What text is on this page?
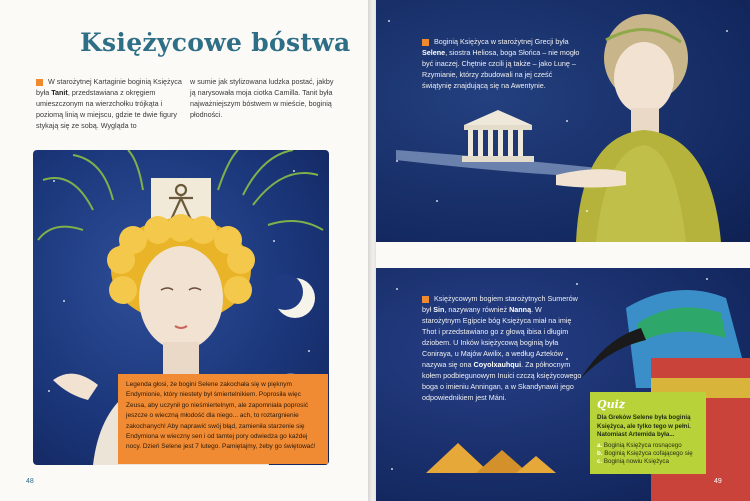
Księżycowe bóstwa

W starożytnej Kartaginie boginią Księżyca była Tanit, przedstawiana z okręgiem umieszczonym na wierzchołku trójkąta i poziomą linią w miejscu, gdzie te dwie figury stykają się ze sobą. Wygląda to

w sumie jak stylizowana ludzka postać, jakby ją narysowała moja ciotka Camilla. Tanit była najważniejszym bóstwem w mieście, boginią płodności.

Legenda głosi, że bogini Selene zakochała się w pięknym Endymionie, który niestety był śmiertelnikiem. Poprosiła więc Zeusa, aby uczynił go nieśmiertelnym, ale zapomniała poprosić jeszcze o wieczną młodość dla niego... ach, to roztargnienie zakochanych! Aby naprawić swój błąd, zamieniła starzenie się Endymiona w wieczny sen i od tamtej pory odwiedza go każdej nocy. Dzień Selene jest 7 lutego. Pamiętajmy, żeby go świętować!
48

Boginią Księżyca w starożytnej Grecji była Selene, siostra Heliosa, boga Słońca – nie mogło być inaczej. Chętnie czcili ją także – jako Lunę – Rzymianie, którzy zbudowali na jej cześć świątynię znajdującą się na Awentynie.

Księżycowym bogiem starożytnych Sumerów był Sin, nazywany również Nanną. W starożytnym Egipcie bóg Księżyca miał na imię Thot i przedstawiano go z głową ibisa i długim dziobem. U Inków księżycową boginią była Coniraya, u Majów Awilix, a według Azteków nazywa się ona Coyolxauhqui. Za północnym kołem podbiegunowym Inuici czczą księżycowego boga o imieniu Anningan, a w Skandynawii jego odpowiednikiem jest Máni.

Quiz

Dla Greków Selene była boginią Księżyca, ale tylko tego w pełni. Natomiast Artemida była...

a. Boginią Księżyca rosnącego
b. Boginią Księżyca cofającego się
c. Boginią nowiu Księżyca
49
